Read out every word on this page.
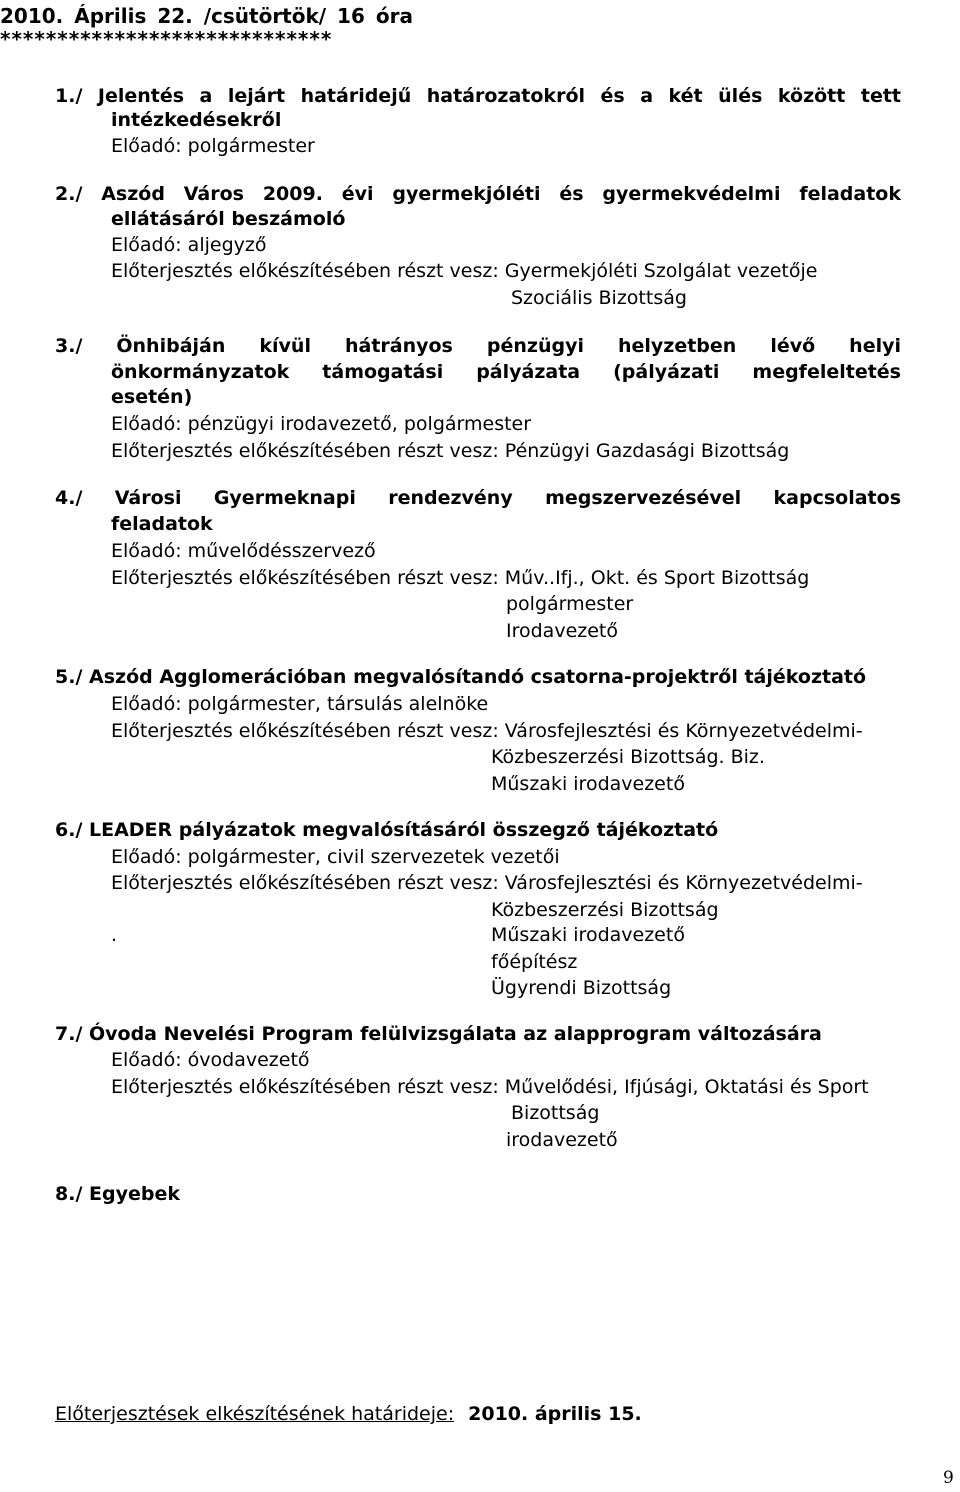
2010. Április 22. /csütörtök/ 16 óra
*****************************
1./ Jelentés a lejárt határidejű határozatokról és a két ülés között tett
intézkedésekről
Előadó: polgármester
2./ Aszód Város 2009. évi gyermekjóléti és gyermekvédelmi feladatok
ellátásáról beszámoló
Előadó: aljegyző
Előterjesztés előkészítésében részt vesz: Gyermekjóléti Szolgálat vezetője
Szociális Bizottság
3./ Önhibáján kívül hátrányos pénzügyi helyzetben lévő helyi
önkormányzatok támogatási pályázata (pályázati megfeleltetés
esetén)
Előadó: pénzügyi irodavezető, polgármester
Előterjesztés előkészítésében részt vesz: Pénzügyi Gazdasági Bizottság
4./ Városi Gyermeknapi rendezvény megszervezésével kapcsolatos
feladatok
Előadó: művelődésszervező
Előterjesztés előkészítésében részt vesz: Műv..Ifj., Okt. és Sport Bizottság
polgármester
Irodavezető
5./ Aszód Agglomerációban megvalósítandó csatorna-projektről tájékoztató
Előadó: polgármester, társulás alelnöke
Előterjesztés előkészítésében részt vesz: Városfejlesztési és Környezetvédelmi-
Közbeszerzési Bizottság. Biz.
Műszaki irodavezető
6./ LEADER pályázatok megvalósításáról összegző tájékoztató
Előadó: polgármester, civil szervezetek vezetői
Előterjesztés előkészítésében részt vesz: Városfejlesztési és Környezetvédelmi-
Közbeszerzési Bizottság
.	Műszaki irodavezető
főépítész
Ügyrendi Bizottság
7./ Óvoda Nevelési Program felülvizsgálata az alapprogram változására
Előadó: óvodavezető
Előterjesztés előkészítésében részt vesz: Művelődési, Ifjúsági, Oktatási és Sport
Bizottság
irodavezető
8./ Egyebek
Előterjesztések elkészítésének határideje: 2010. április 15.
9
